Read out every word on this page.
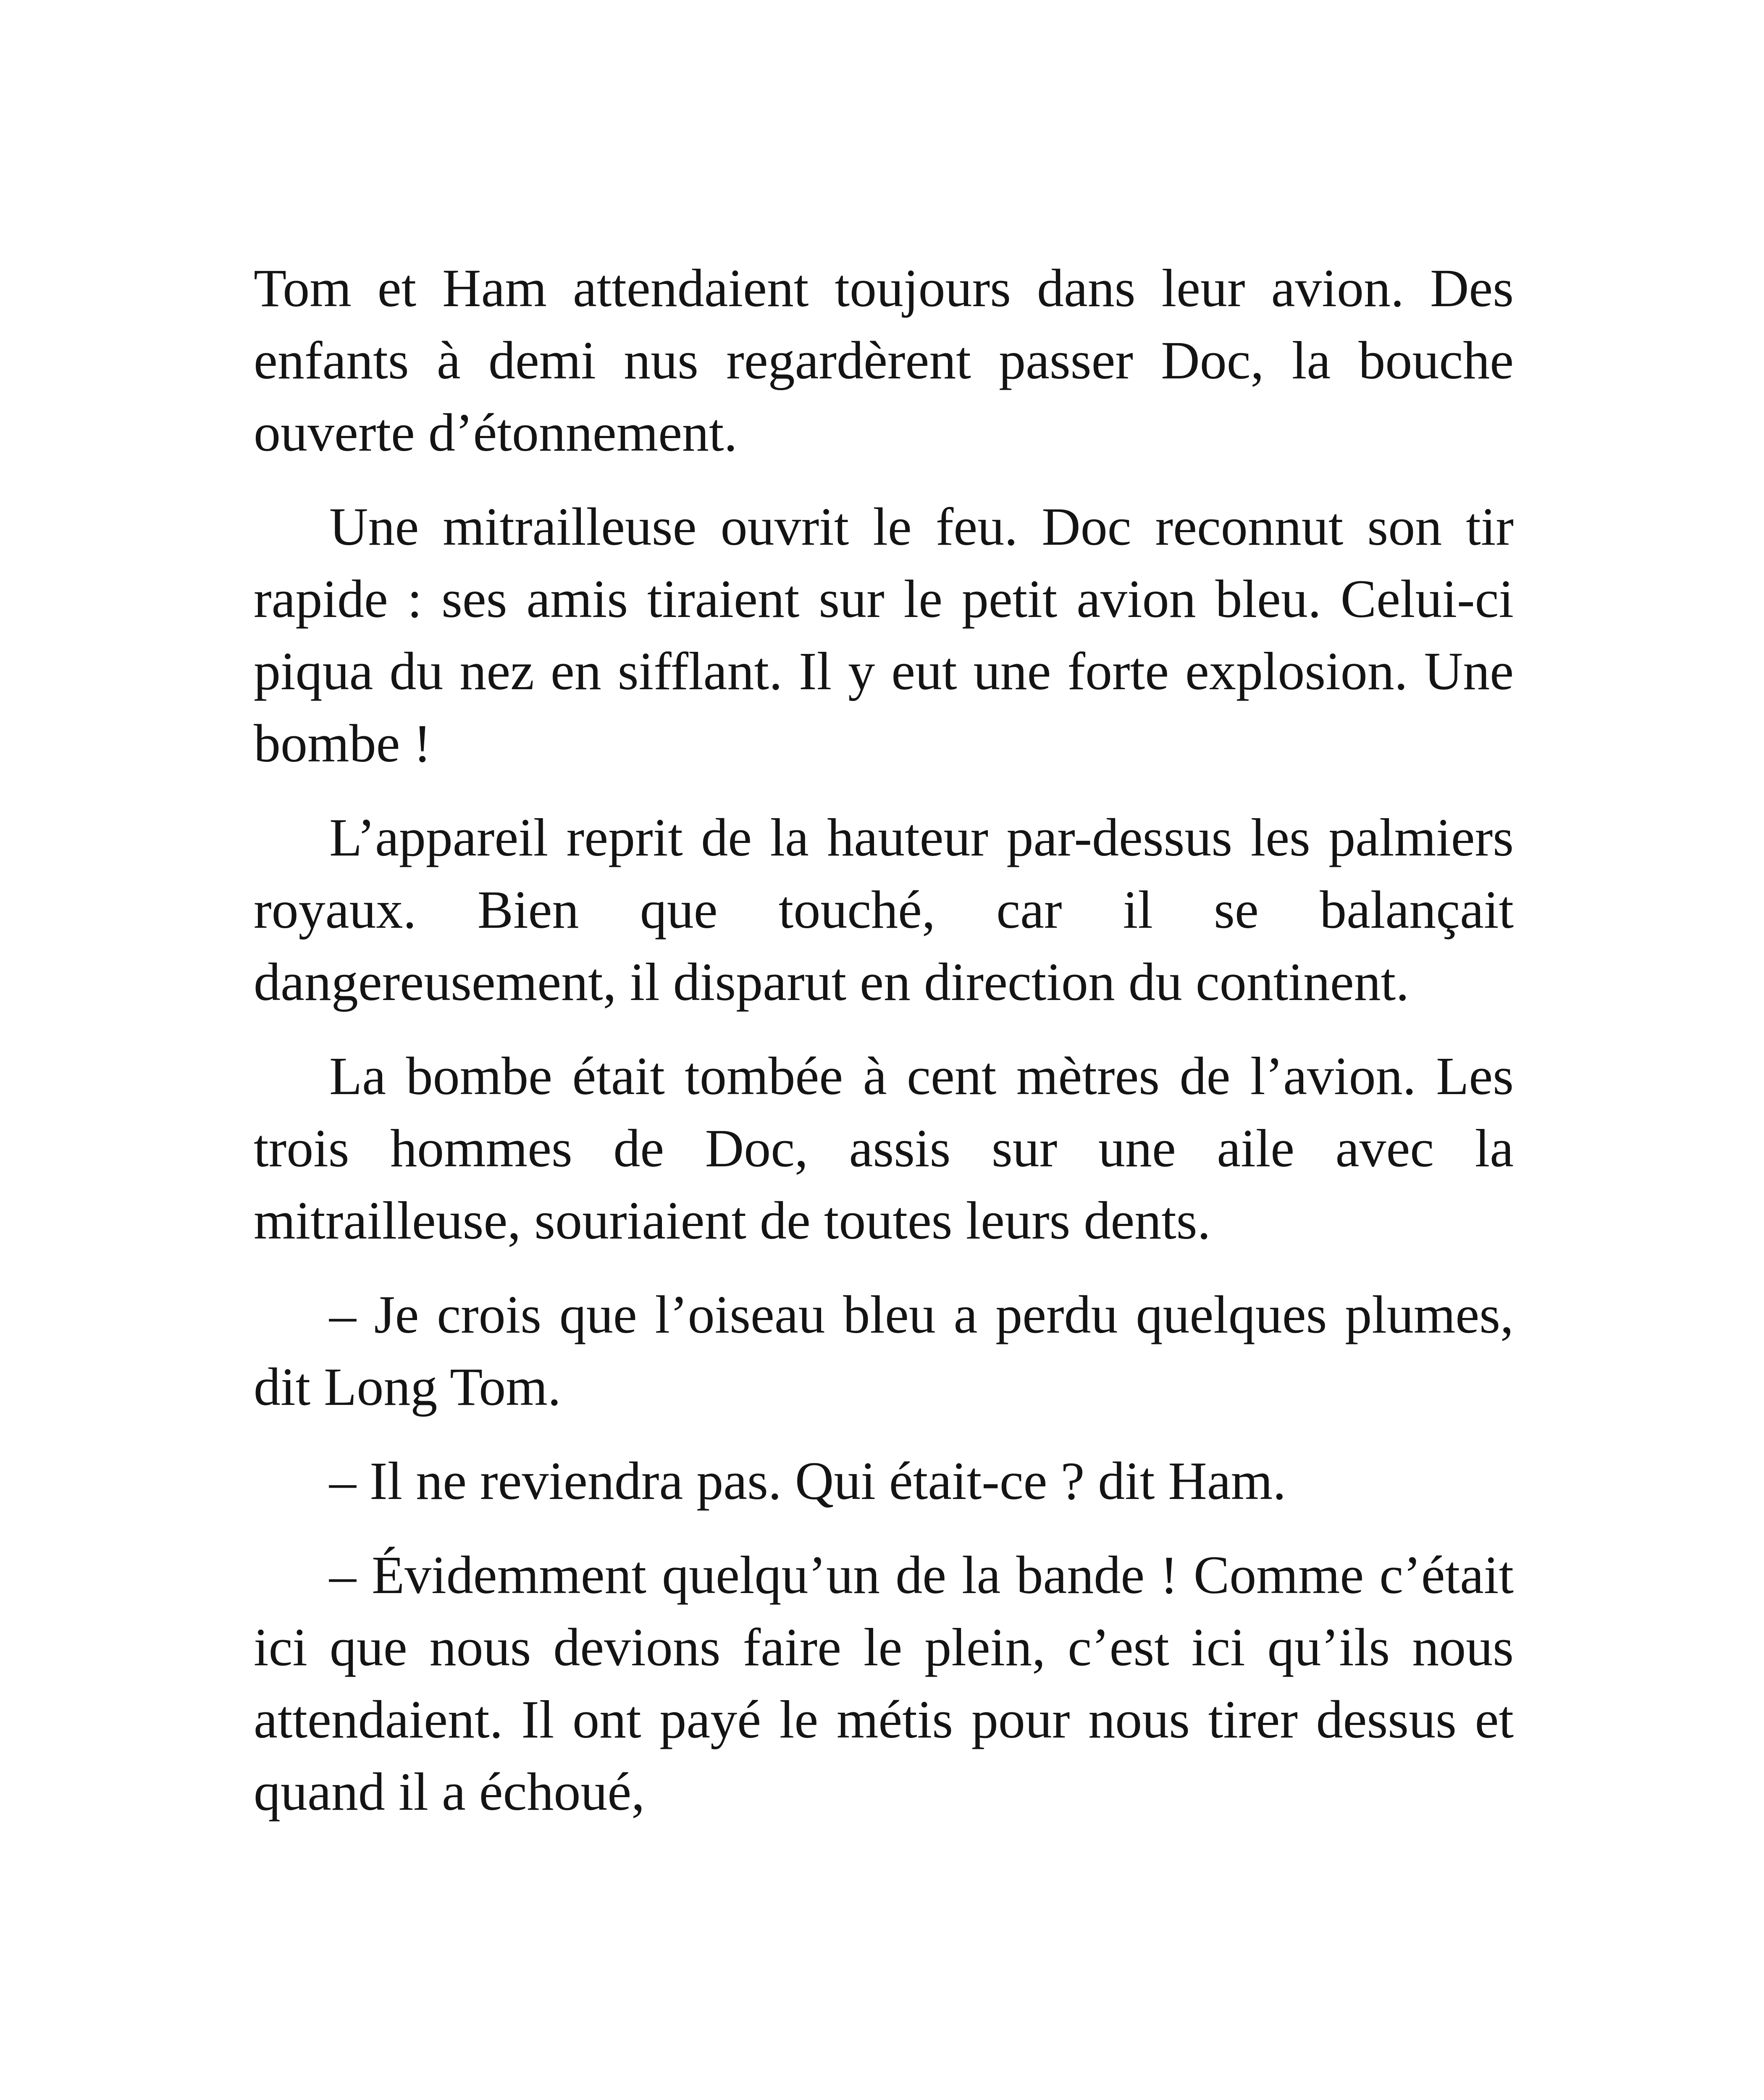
Tom et Ham attendaient toujours dans leur avion. Des enfants à demi nus regardèrent passer Doc, la bouche ouverte d’étonnement.

Une mitrailleuse ouvrit le feu. Doc reconnut son tir rapide : ses amis tiraient sur le petit avion bleu. Celui-ci piqua du nez en sifflant. Il y eut une forte explosion. Une bombe !

L’appareil reprit de la hauteur par-dessus les palmiers royaux. Bien que touché, car il se balançait dangereusement, il disparut en direction du continent.

La bombe était tombée à cent mètres de l’avion. Les trois hommes de Doc, assis sur une aile avec la mitrailleuse, souriaient de toutes leurs dents.

– Je crois que l’oiseau bleu a perdu quelques plumes, dit Long Tom.

– Il ne reviendra pas. Qui était-ce ? dit Ham.

– Évidemment quelqu’un de la bande ! Comme c’était ici que nous devions faire le plein, c’est ici qu’ils nous attendaient. Il ont payé le métis pour nous tirer dessus et quand il a échoué,
